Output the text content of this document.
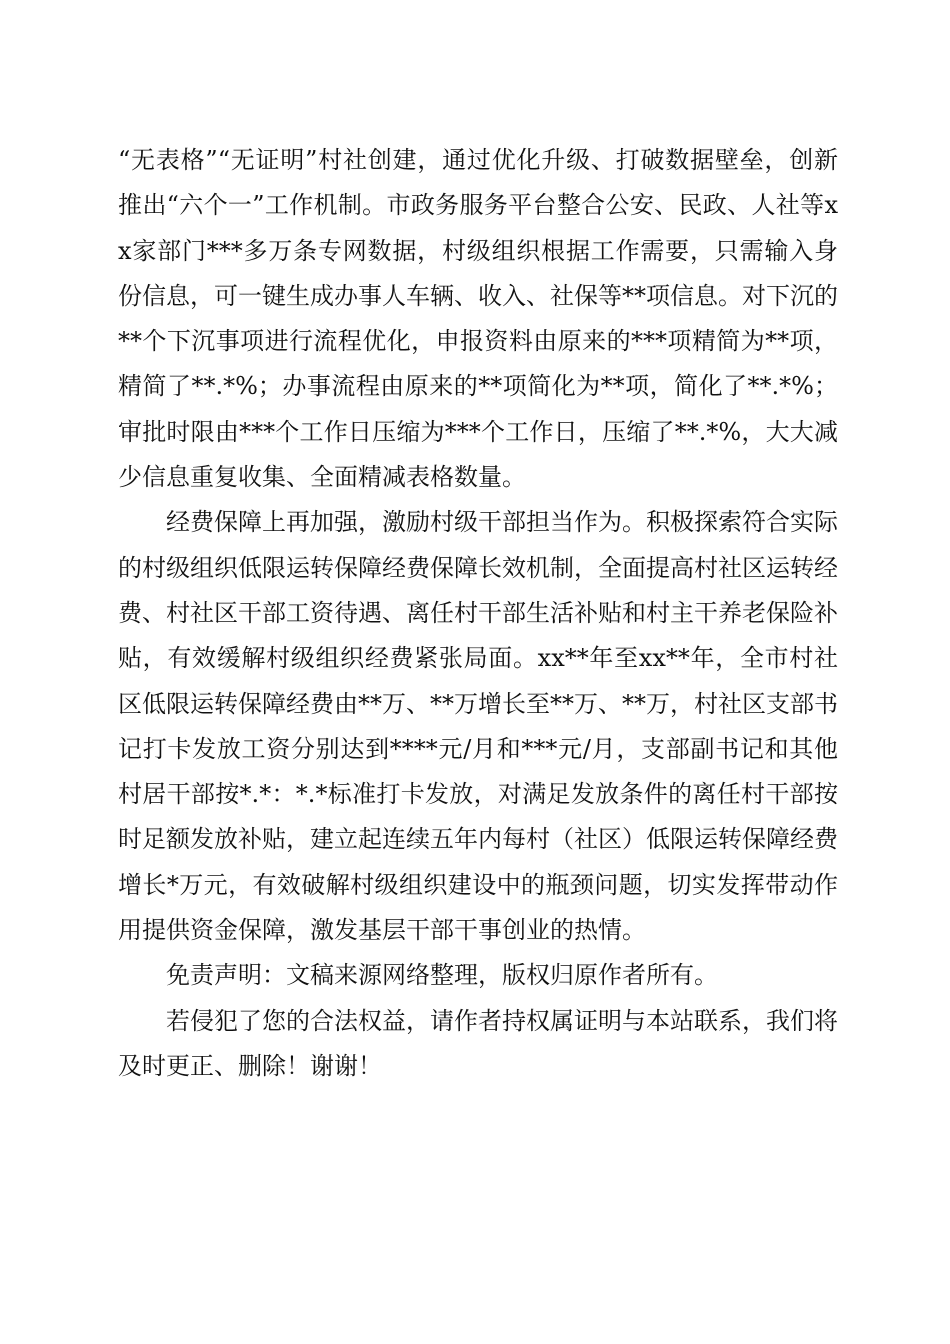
“无表格”“无证明”村社创建，通过优化升级、打破数据壁垒，创新推出“六个一”工作机制。市政务服务平台整合公安、民政、人社等xx家部门***多万条专网数据，村级组织根据工作需要，只需输入身份信息，可一键生成办事人车辆、收入、社保等**项信息。对下沉的**个下沉事项进行流程优化，申报资料由原来的***项精简为**项，精简了**.*%；办事流程由原来的**项简化为**项，简化了**.*%；审批时限由***个工作日压缩为***个工作日，压缩了**.*%，大大减少信息重复收集、全面精减表格数量。

经费保障上再加强，激励村级干部担当作为。积极探索符合实际的村级组织低限运转保障经费保障长效机制，全面提高村社区运转经费、村社区干部工资待遇、离任村干部生活补贴和村主干养老保险补贴，有效缓解村级组织经费紧张局面。xx**年至xx**年，全市村社区低限运转保障经费由**万、**万增长至**万、**万，村社区支部书记打卡发放工资分别达到****元/月和***元/月，支部副书记和其他村居干部按*.*：*.*标准打卡发放，对满足发放条件的离任村干部按时足额发放补贴，建立起连续五年内每村（社区）低限运转保障经费增长*万元，有效破解村级组织建设中的瓶颈问题，切实发挥带动作用提供资金保障，激发基层干部干事创业的热情。

免责声明：文稿来源网络整理，版权归原作者所有。

若侵犯了您的合法权益，请作者持权属证明与本站联系，我们将及时更正、删除！谢谢！
